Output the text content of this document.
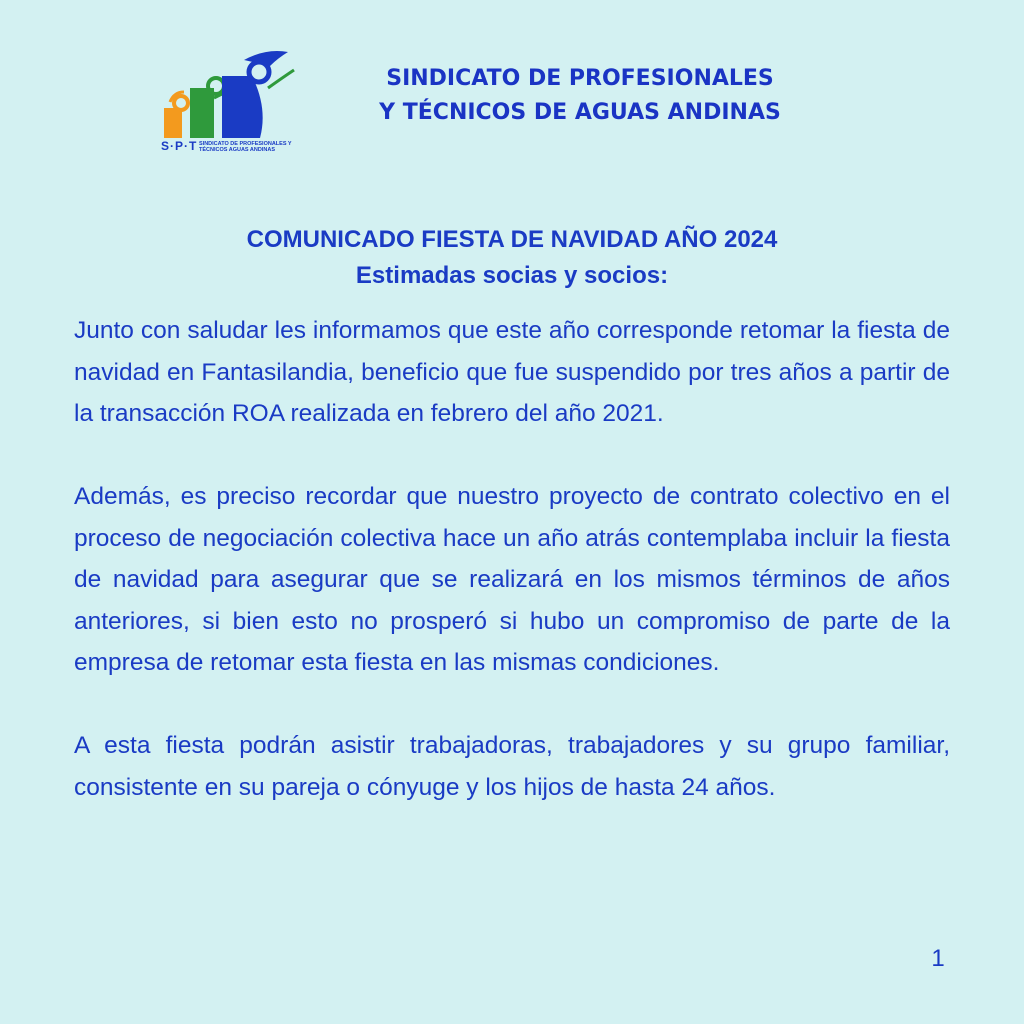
S·P·T SINDICATO DE PROFESIONALES Y TÉCNICOS AGUAS ANDINAS
SINDICATO DE PROFESIONALES
Y TÉCNICOS DE AGUAS ANDINAS
COMUNICADO FIESTA DE NAVIDAD AÑO 2024
Estimadas socias y socios:

Junto con saludar les informamos que este año corresponde retomar la fiesta de navidad en Fantasilandia, beneficio que fue suspendido por tres años a partir de la transacción ROA realizada en febrero del año 2021.

Además, es preciso recordar que nuestro proyecto de contrato colectivo en el proceso de negociación colectiva hace un año atrás contemplaba incluir la fiesta de navidad para asegurar que se realizará en los mismos términos de años anteriores, si bien esto no prosperó si hubo un compromiso de parte de la empresa de retomar esta fiesta en las mismas condiciones.

A esta fiesta podrán asistir trabajadoras, trabajadores y su grupo familiar, consistente en su pareja o cónyuge y los hijos de hasta 24 años.

1
